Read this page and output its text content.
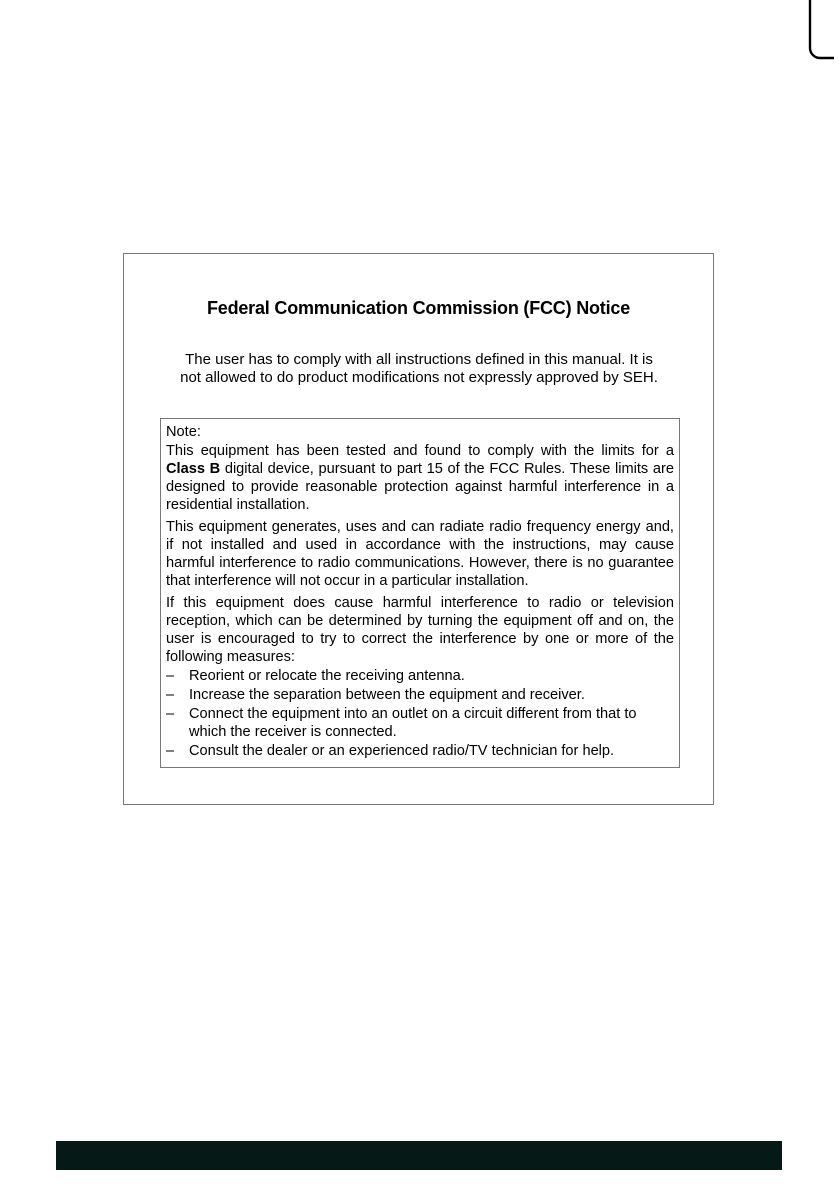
Federal Communication Commission (FCC) Notice
The user has to comply with all instructions defined in this manual. It is
not allowed to do product modifications not expressly approved by SEH.

Note:

This equipment has been tested and found to comply with the limits for a Class B digital device, pursuant to part 15 of the FCC Rules. These limits are designed to provide reasonable protection against harmful interference in a residential installation.

This equipment generates, uses and can radiate radio frequency energy and, if not installed and used in accordance with the instructions, may cause harmful interference to radio communications. However, there is no guarantee that interference will not occur in a particular installation.

If this equipment does cause harmful interference to radio or television reception, which can be determined by turning the equipment off and on, the user is encouraged to try to correct the interference by one or more of the following measures:

– Reorient or relocate the receiving antenna.
– Increase the separation between the equipment and receiver.
– Connect the equipment into an outlet on a circuit different from that to which the receiver is connected.
– Consult the dealer or an experienced radio/TV technician for help.
